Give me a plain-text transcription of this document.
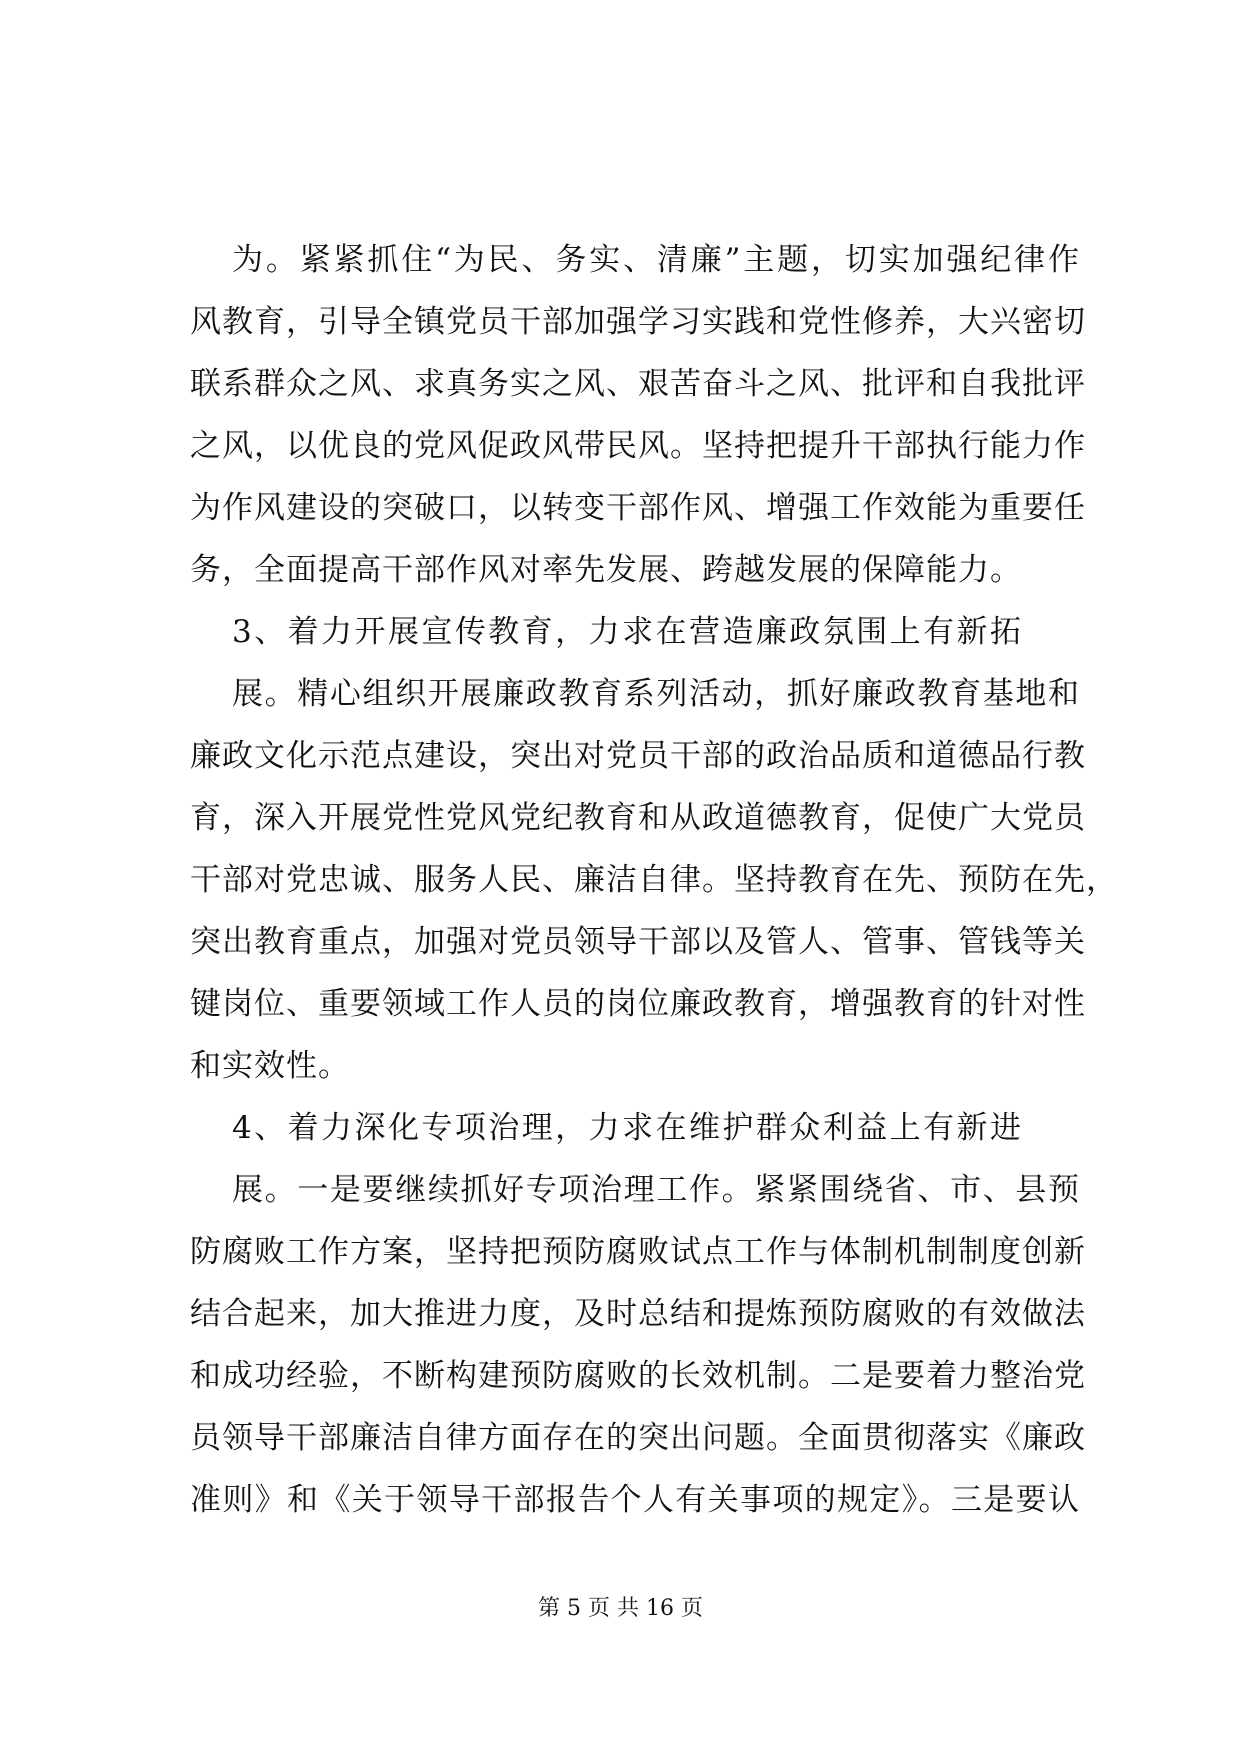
为。紧紧抓住“为民、务实、清廉”主题，切实加强纪律作
风教育，引导全镇党员干部加强学习实践和党性修养，大兴密切
联系群众之风、求真务实之风、艰苦奋斗之风、批评和自我批评
之风，以优良的党风促政风带民风。坚持把提升干部执行能力作
为作风建设的突破口，以转变干部作风、增强工作效能为重要任
务，全面提高干部作风对率先发展、跨越发展的保障能力。
3、着力开展宣传教育，力求在营造廉政氛围上有新拓
展。精心组织开展廉政教育系列活动，抓好廉政教育基地和
廉政文化示范点建设，突出对党员干部的政治品质和道德品行教
育，深入开展党性党风党纪教育和从政道德教育，促使广大党员
干部对党忠诚、服务人民、廉洁自律。坚持教育在先、预防在先，
突出教育重点，加强对党员领导干部以及管人、管事、管钱等关
键岗位、重要领域工作人员的岗位廉政教育，增强教育的针对性
和实效性。
4、着力深化专项治理，力求在维护群众利益上有新进
展。一是要继续抓好专项治理工作。紧紧围绕省、市、县预
防腐败工作方案，坚持把预防腐败试点工作与体制机制制度创新
结合起来，加大推进力度，及时总结和提炼预防腐败的有效做法
和成功经验，不断构建预防腐败的长效机制。二是要着力整治党
员领导干部廉洁自律方面存在的突出问题。全面贯彻落实《廉政
准则》和《关于领导干部报告个人有关事项的规定》。三是要认
第 5 页 共 16 页
